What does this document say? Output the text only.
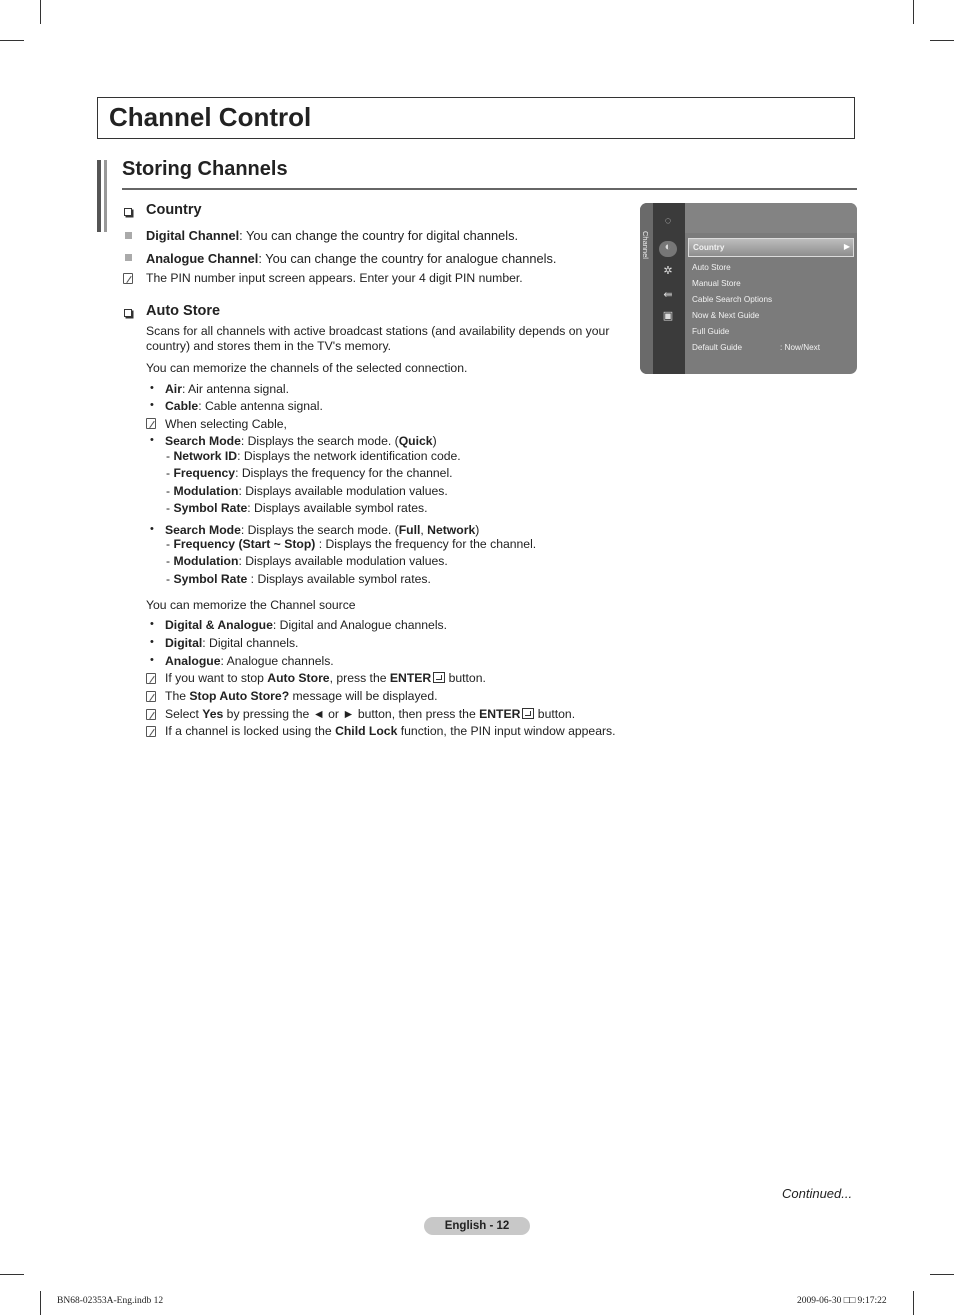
Channel Control
Storing Channels
Country
Digital Channel: You can change the country for digital channels.
Analogue Channel: You can change the country for analogue channels.
The PIN number input screen appears. Enter your 4 digit PIN number.
Auto Store
Scans for all channels with active broadcast stations (and availability depends on your
country) and stores them in the TV's memory.
You can memorize the channels of the selected connection.
• Air: Air antenna signal.
• Cable: Cable antenna signal.
When selecting Cable,
• Search Mode: Displays the search mode. (Quick)
- Network ID: Displays the network identification code.
- Frequency: Displays the frequency for the channel.
- Modulation: Displays available modulation values.
- Symbol Rate: Displays available symbol rates.
• Search Mode: Displays the search mode. (Full, Network)
- Frequency (Start ~ Stop) : Displays the frequency for the channel.
- Modulation: Displays available modulation values.
- Symbol Rate : Displays available symbol rates.
You can memorize the Channel source
• Digital & Analogue: Digital and Analogue channels.
• Digital: Digital channels.
• Analogue: Analogue channels.
If you want to stop Auto Store, press the ENTER button.
The Stop Auto Store? message will be displayed.
Select Yes by pressing the ◄ or ► button, then press the ENTER button.
If a channel is locked using the Child Lock function, the PIN input window appears.
Channel
◌
◐
✲
⇚
▣
Country	▶
Auto Store
Manual Store
Cable Search Options
Now & Next Guide
Full Guide
Default Guide	: Now/Next
Continued...
English - 12
BN68-02353A-Eng.indb 12	2009-06-30 □□ 9:17:22
